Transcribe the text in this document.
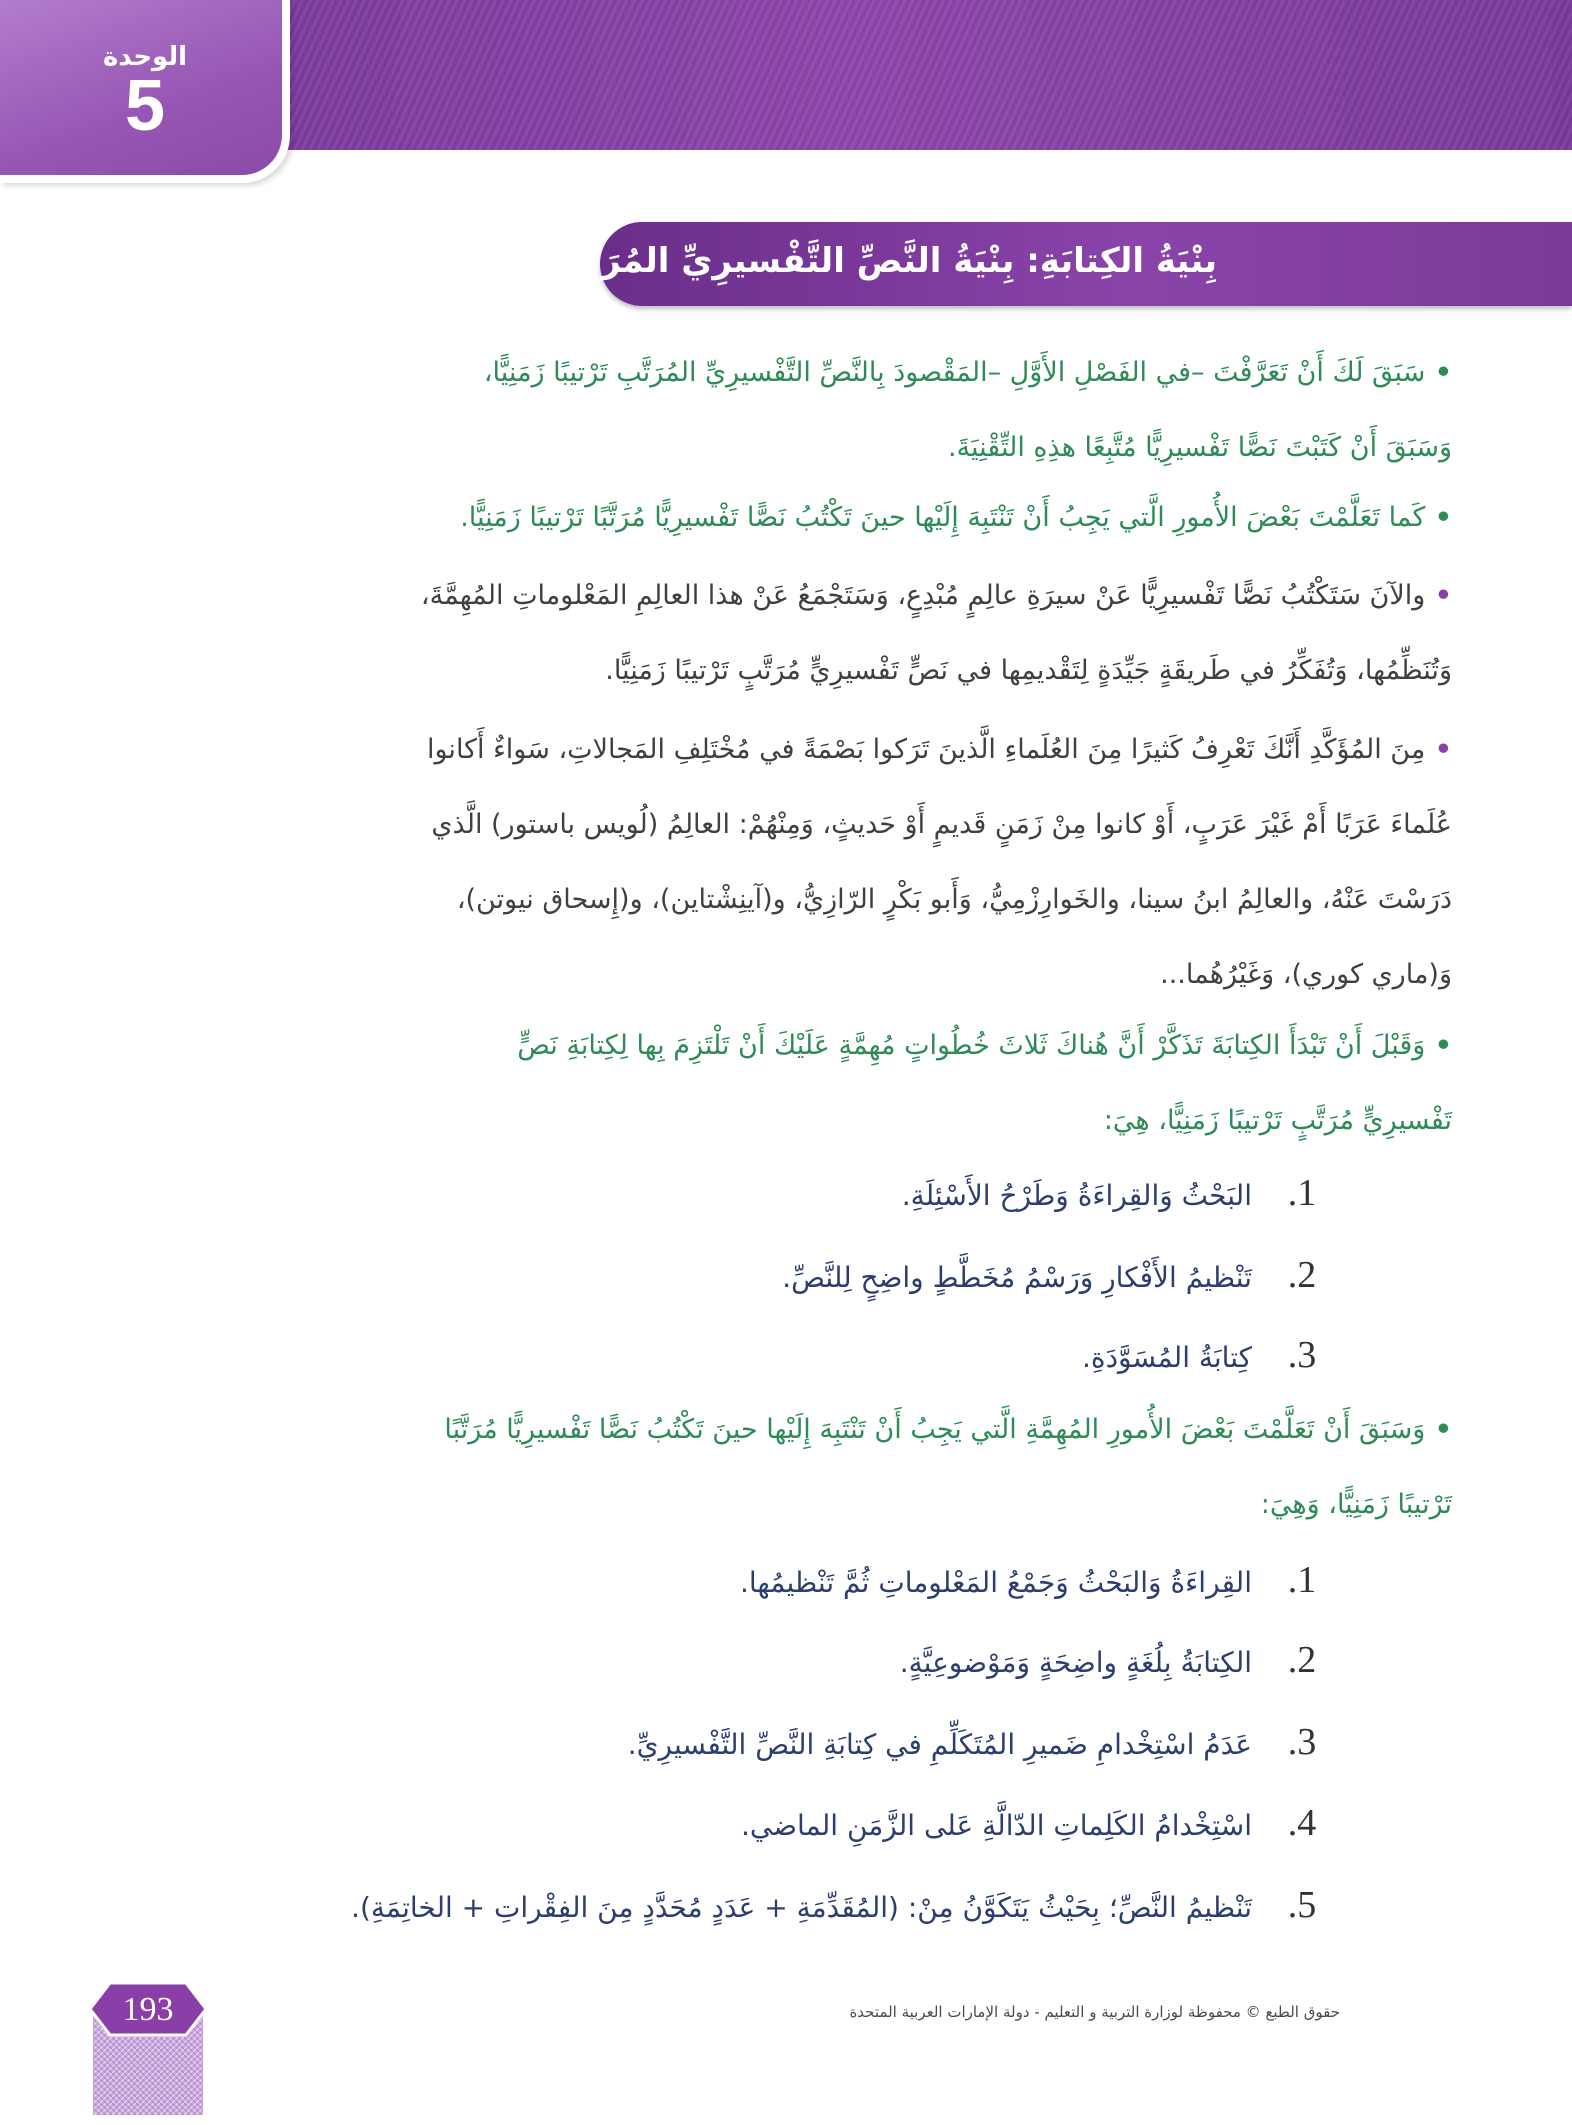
الوحدة
5
بِنْيَةُ الكِتابَةِ: بِنْيَةُ النَّصِّ التَّفْسيرِيِّ المُرَتَّبُ زَمَنِيًّا
• سَبَقَ لَكَ أَنْ تَعَرَّفْتَ –في الفَصْلِ الأَوَّلِ –المَقْصودَ بِالنَّصِّ التَّفْسيرِيِّ المُرَتَّبِ تَرْتيبًا زَمَنِيًّا،
وَسَبَقَ أَنْ كَتَبْتَ نَصًّا تَفْسيرِيًّا مُتَّبِعًا هذِهِ التِّقْنِيَةَ.
• كَما تَعَلَّمْتَ بَعْضَ الأُمورِ الَّتي يَجِبُ أَنْ تَنْتَبِهَ إِلَيْها حينَ تَكْتُبُ نَصًّا تَفْسيرِيًّا مُرَتَّبًا تَرْتيبًا زَمَنِيًّا.
• والآنَ سَتَكْتُبُ نَصًّا تَفْسيرِيًّا عَنْ سيرَةِ عالِمٍ مُبْدِعٍ، وَسَتَجْمَعُ عَنْ هذا العالِمِ المَعْلوماتِ المُهِمَّةَ،
وَتُنَظِّمُها، وَتُفَكِّرُ في طَريقَةٍ جَيِّدَةٍ لِتَقْديمِها في نَصٍّ تَفْسيرِيٍّ مُرَتَّبٍ تَرْتيبًا زَمَنِيًّا.
• مِنَ المُؤَكَّدِ أَنَّكَ تَعْرِفُ كَثيرًا مِنَ العُلَماءِ الَّذينَ تَرَكوا بَصْمَةً في مُخْتَلِفِ المَجالاتِ، سَواءٌ أَكانوا
عُلَماءَ عَرَبًا أَمْ غَيْرَ عَرَبٍ، أَوْ كانوا مِنْ زَمَنٍ قَديمٍ أَوْ حَديثٍ، وَمِنْهُمْ: العالِمُ (لُويس باستور) الَّذي
دَرَسْتَ عَنْهُ، والعالِمُ ابنُ سينا، والخَوارِزْمِيُّ، وَأَبو بَكْرٍ الرّازِيُّ، و(آينِشْتاين)، و(إِسحاق نيوتن)،
وَ(ماري كوري)، وَغَيْرُهُما...
• وَقَبْلَ أَنْ تَبْدَأَ الكِتابَةَ تَذَكَّرْ أَنَّ هُناكَ ثَلاثَ خُطُواتٍ مُهِمَّةٍ عَلَيْكَ أَنْ تَلْتَزِمَ بِها لِكِتابَةِ نَصٍّ
تَفْسيرِيٍّ مُرَتَّبٍ تَرْتيبًا زَمَنِيًّا، هِيَ:
1.البَحْثُ وَالقِراءَةُ وَطَرْحُ الأَسْئِلَةِ.
2.تَنْظيمُ الأَفْكارِ وَرَسْمُ مُخَطَّطٍ واضِحٍ لِلنَّصِّ.
3.كِتابَةُ المُسَوَّدَةِ.
• وَسَبَقَ أَنْ تَعَلَّمْتَ بَعْضَ الأُمورِ المُهِمَّةِ الَّتي يَجِبُ أَنْ تَنْتَبِهَ إِلَيْها حينَ تَكْتُبُ نَصًّا تَفْسيرِيًّا مُرَتَّبًا
تَرْتيبًا زَمَنِيًّا، وَهِيَ:
1.القِراءَةُ وَالبَحْثُ وَجَمْعُ المَعْلوماتِ ثُمَّ تَنْظيمُها.
2.الكِتابَةُ بِلُغَةٍ واضِحَةٍ وَمَوْضوعِيَّةٍ.
3.عَدَمُ اسْتِخْدامِ ضَميرِ المُتَكَلِّمِ في كِتابَةِ النَّصِّ التَّفْسيرِيِّ.
4.اسْتِخْدامُ الكَلِماتِ الدّالَّةِ عَلى الزَّمَنِ الماضي.
5.تَنْظيمُ النَّصِّ؛ بِحَيْثُ يَتَكَوَّنُ مِنْ: (المُقَدِّمَةِ + عَدَدٍ مُحَدَّدٍ مِنَ الفِقْراتِ + الخاتِمَةِ).
193	حقوق الطبع © محفوظة لوزارة التربية و التعليم - دولة الإمارات العربية المتحدة
